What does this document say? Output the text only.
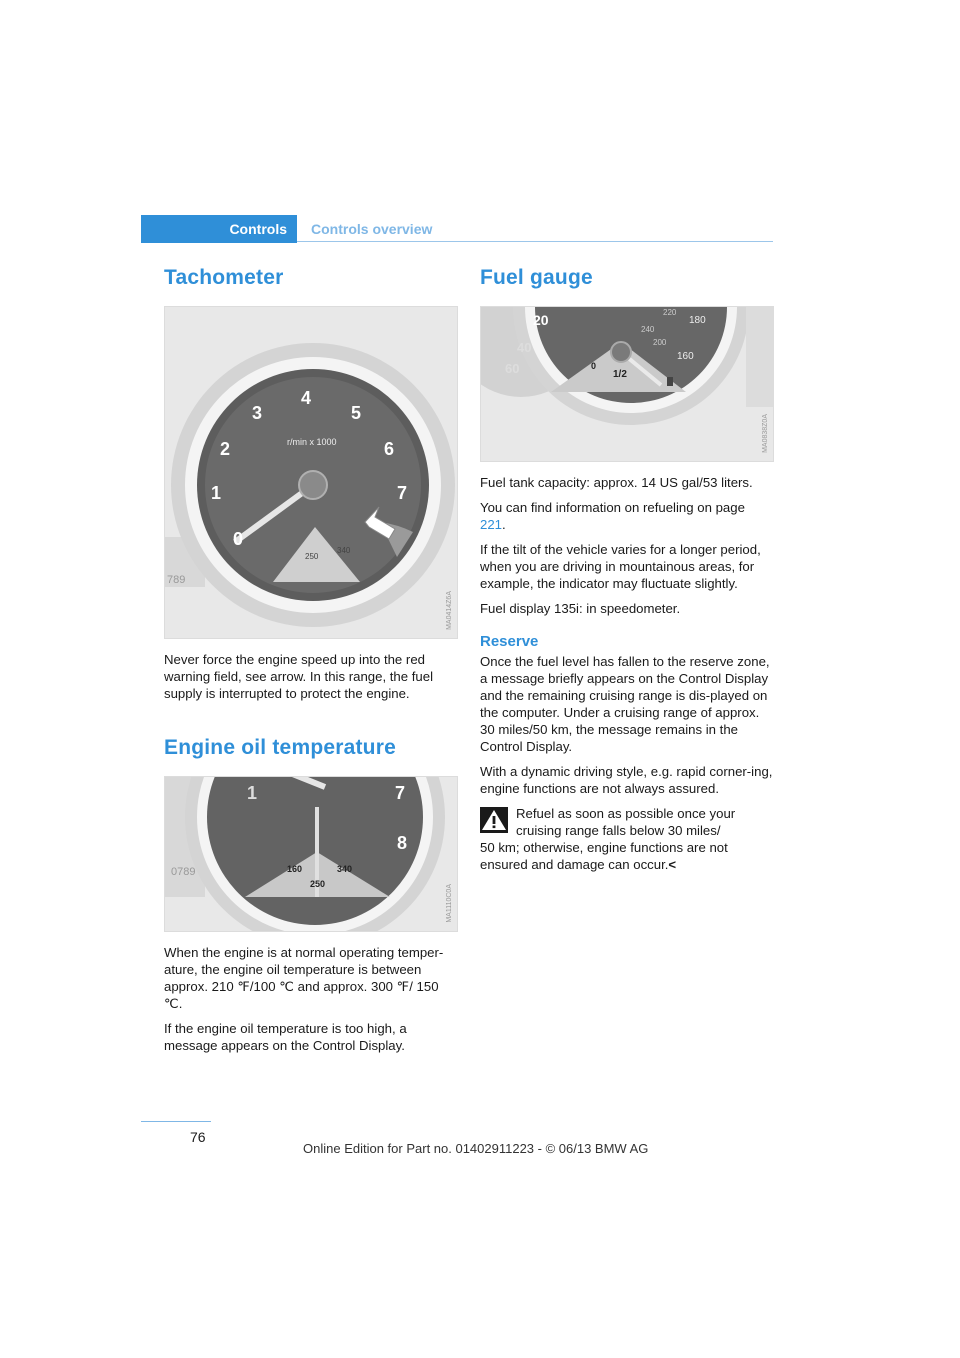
Controls	Controls overview
Tachometer
0
1
2
3
4
5
6
7
r/min x 1000
250
340
789
MA0414Z6A

Never force the engine speed up into the red warning field, see arrow. In this range, the fuel supply is interrupted to protect the engine.

Engine oil temperature
7
8
1
160
250
340
0789
MA1110C0A

When the engine is at normal operating temper-ature, the engine oil temperature is between approx. 210 ℉/100 ℃ and approx. 300 ℉/ 150 ℃.

If the engine oil temperature is too high, a message appears on the Control Display.

Fuel gauge
20
40
60	0
1/2
160
180
240
200
220
MA0838Z0A

Fuel tank capacity: approx. 14 US gal/53 liters.

You can find information on refueling on page 221.

If the tilt of the vehicle varies for a longer period, when you are driving in mountainous areas, for example, the indicator may fluctuate slightly.

Fuel display 135i: in speedometer.

Reserve

Once the fuel level has fallen to the reserve zone, a message briefly appears on the Control Display and the remaining cruising range is dis-played on the computer. Under a cruising range of approx. 30 miles/50 km, the message remains in the Control Display.

With a dynamic driving style, e.g. rapid corner-ing, engine functions are not always assured.

Refuel as soon as possible once your cruising range falls below 30 miles/
50 km; otherwise, engine functions are not ensured and damage can occur.<
76
Online Edition for Part no. 01402911223 - © 06/13 BMW AG
